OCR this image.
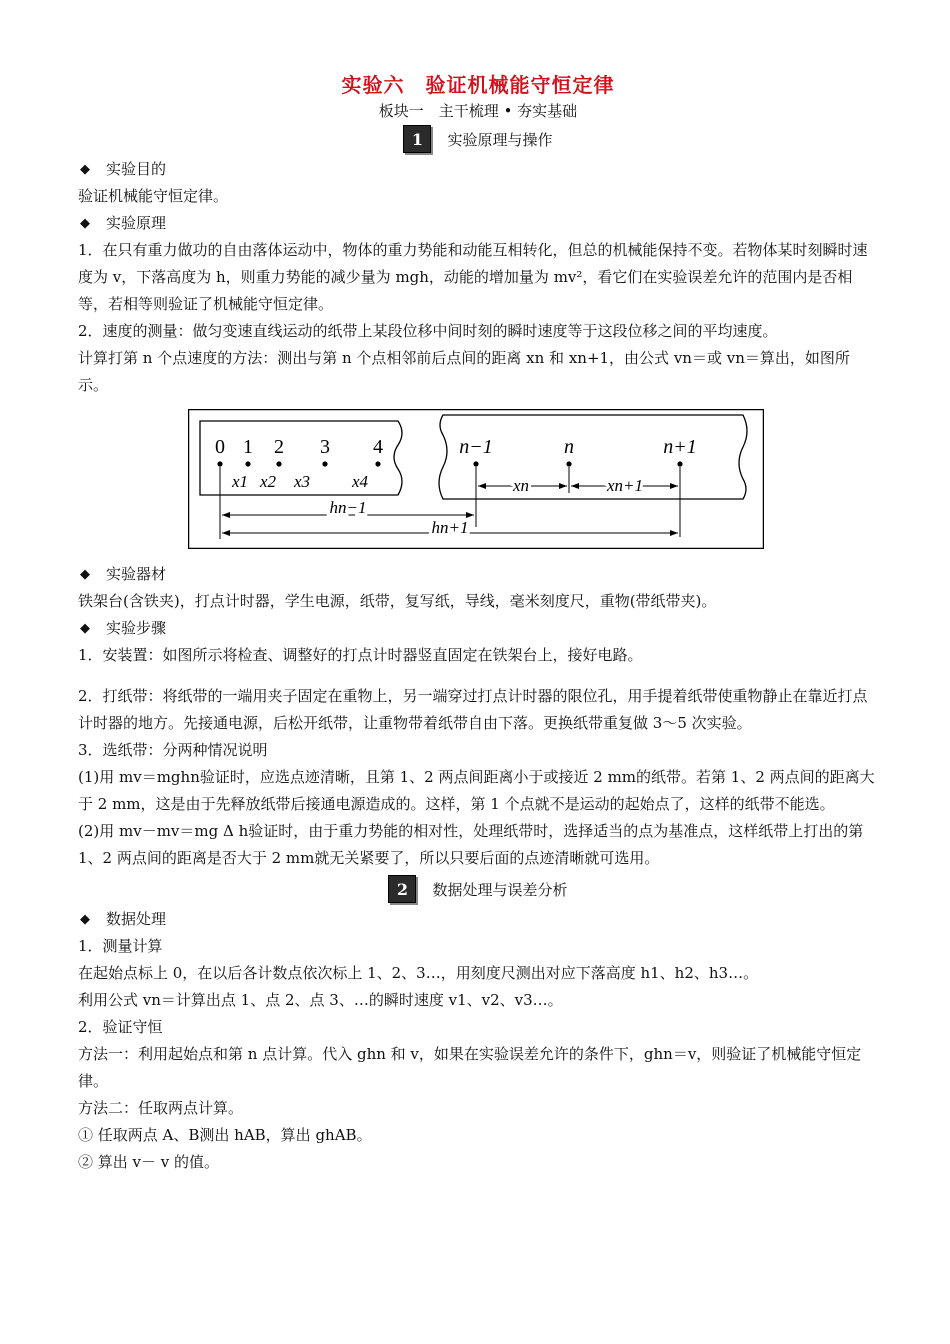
实验六　验证机械能守恒定律
板块一　主干梳理 • 夯实基础
1	实验原理与操作
◆ 实验目的

验证机械能守恒定律。

◆ 实验原理

1．在只有重力做功的自由落体运动中，物体的重力势能和动能互相转化，但总的机械能保持不变。若物体某时刻瞬时速度为 v，下落高度为 h，则重力势能的减少量为 mgh，动能的增加量为 mv²，看它们在实验误差允许的范围内是否相等，若相等则验证了机械能守恒定律。

2．速度的测量：做匀变速直线运动的纸带上某段位移中间时刻的瞬时速度等于这段位移之间的平均速度。

计算打第 n 个点速度的方法：测出与第 n 个点相邻前后点间的距离 xn 和 xn+1，由公式 vn＝或 vn＝算出，如图所示。

0 1 2 3 4
x1 x2 x3 x4
n−1	n	n+1
xn	xn+1
hn−1
hn+1
◆ 实验器材

铁架台(含铁夹)，打点计时器，学生电源，纸带，复写纸，导线，毫米刻度尺，重物(带纸带夹)。

◆ 实验步骤

1．安装置：如图所示将检查、调整好的打点计时器竖直固定在铁架台上，接好电路。

2．打纸带：将纸带的一端用夹子固定在重物上，另一端穿过打点计时器的限位孔，用手提着纸带使重物静止在靠近打点计时器的地方。先接通电源，后松开纸带，让重物带着纸带自由下落。更换纸带重复做 3～5 次实验。

3．选纸带：分两种情况说明

(1)用 mv＝mghn验证时，应选点迹清晰，且第 1、2 两点间距离小于或接近 2 mm的纸带。若第 1、2 两点间的距离大于 2 mm，这是由于先释放纸带后接通电源造成的。这样，第 1 个点就不是运动的起始点了，这样的纸带不能选。

(2)用 mv－mv＝mg Δ h验证时，由于重力势能的相对性，处理纸带时，选择适当的点为基准点，这样纸带上打出的第 1、2 两点间的距离是否大于 2 mm就无关紧要了，所以只要后面的点迹清晰就可选用。

2	数据处理与误差分析
◆ 数据处理

1．测量计算

在起始点标上 0，在以后各计数点依次标上 1、2、3…，用刻度尺测出对应下落高度 h1、h2、h3…。

利用公式 vn＝计算出点 1、点 2、点 3、…的瞬时速度 v1、v2、v3…。

2．验证守恒

方法一：利用起始点和第 n 点计算。代入 ghn 和 v，如果在实验误差允许的条件下，ghn＝v，则验证了机械能守恒定律。

方法二：任取两点计算。

① 任取两点 A、B测出 hAB，算出 ghAB。

② 算出 v－ v 的值。
